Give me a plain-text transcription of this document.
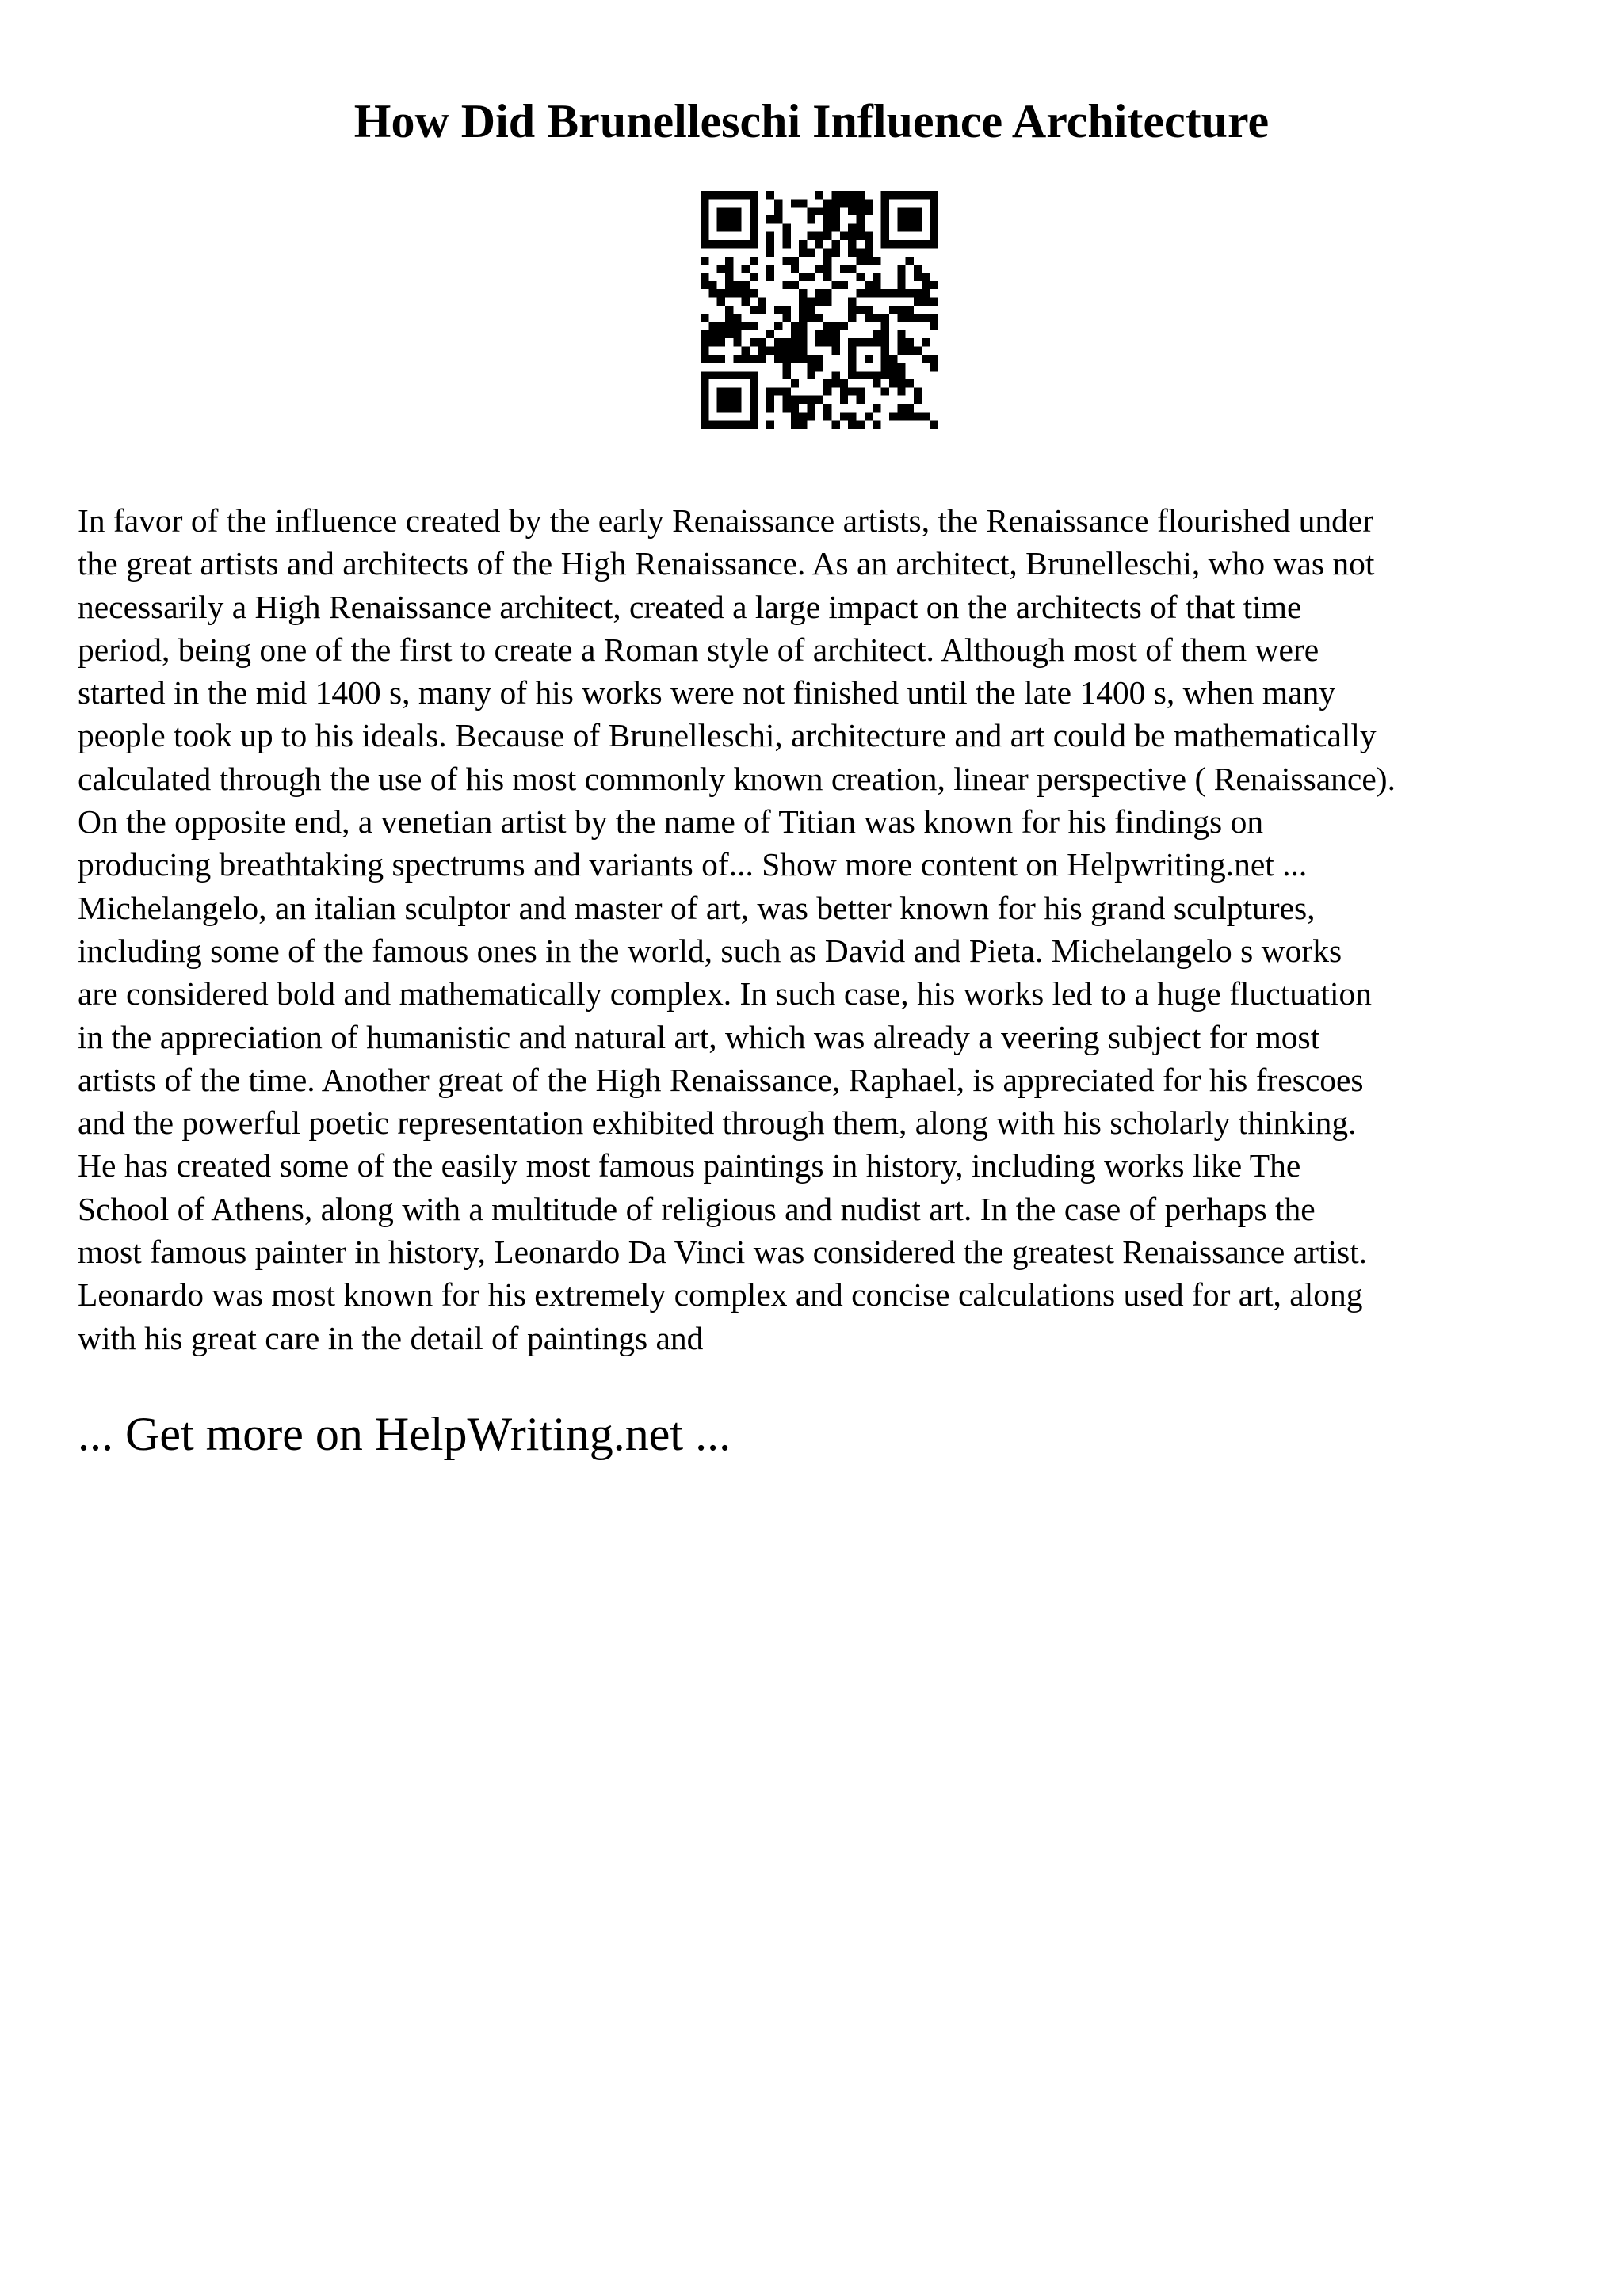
How Did Brunelleschi Influence Architecture
In favor of the influence created by the early Renaissance artists, the Renaissance flourished under
the great artists and architects of the High Renaissance. As an architect, Brunelleschi, who was not
necessarily a High Renaissance architect, created a large impact on the architects of that time
period, being one of the first to create a Roman style of architect. Although most of them were
started in the mid 1400 s, many of his works were not finished until the late 1400 s, when many
people took up to his ideals. Because of Brunelleschi, architecture and art could be mathematically
calculated through the use of his most commonly known creation, linear perspective ( Renaissance).
On the opposite end, a venetian artist by the name of Titian was known for his findings on
producing breathtaking spectrums and variants of... Show more content on Helpwriting.net ...
Michelangelo, an italian sculptor and master of art, was better known for his grand sculptures,
including some of the famous ones in the world, such as David and Pieta. Michelangelo s works
are considered bold and mathematically complex. In such case, his works led to a huge fluctuation
in the appreciation of humanistic and natural art, which was already a veering subject for most
artists of the time. Another great of the High Renaissance, Raphael, is appreciated for his frescoes
and the powerful poetic representation exhibited through them, along with his scholarly thinking.
He has created some of the easily most famous paintings in history, including works like The
School of Athens, along with a multitude of religious and nudist art. In the case of perhaps the
most famous painter in history, Leonardo Da Vinci was considered the greatest Renaissance artist.
Leonardo was most known for his extremely complex and concise calculations used for art, along
with his great care in the detail of paintings and

... Get more on HelpWriting.net ...
